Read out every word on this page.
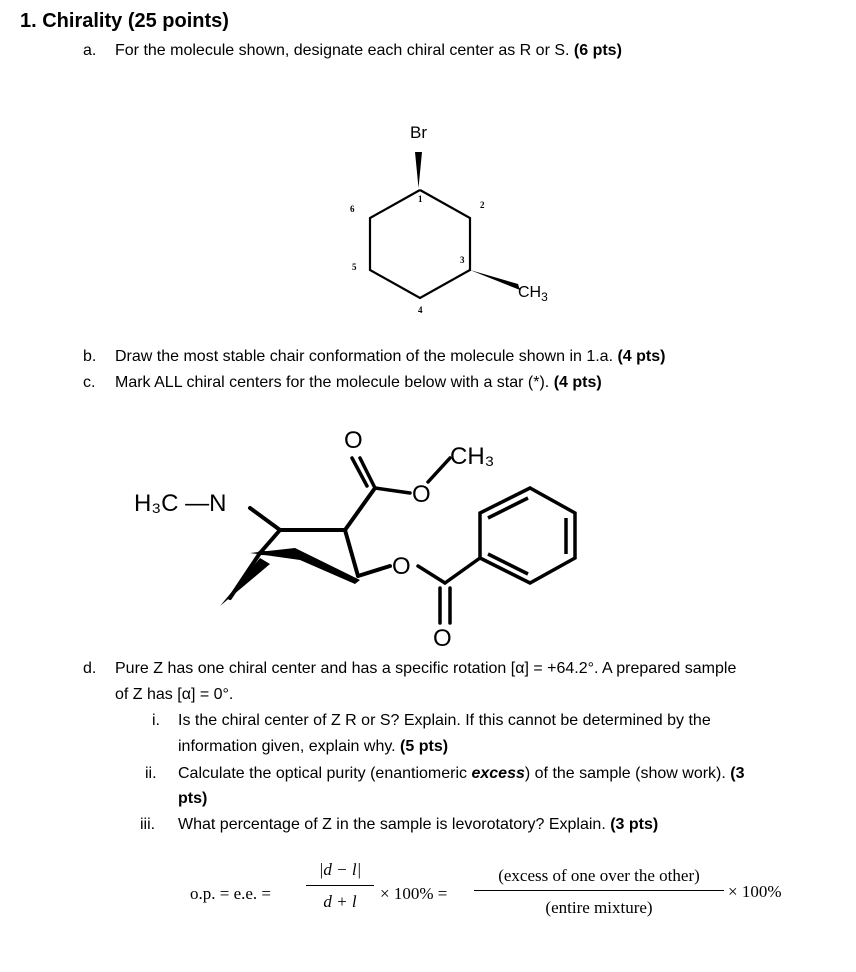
1. Chirality (25 points)
a. For the molecule shown, designate each chiral center as R or S. (6 pts)
Br
$CH_3$
1
2
3
4
5
6
b. Draw the most stable chair conformation of the molecule shown in 1.a. (4 pts)
c. Mark ALL chiral centers for the molecule below with a star (*). (4 pts)
H₃C —N
O
O
CH₃
O
O
d. Pure Z has one chiral center and has a specific rotation [α] = +64.2°. A prepared sample
of Z has [α] = 0°.
i. Is the chiral center of Z R or S? Explain. If this cannot be determined by the
information given, explain why. (5 pts)
ii. Calculate the optical purity (enantiomeric excess) of the sample (show work). (3
pts)
iii. What percentage of Z in the sample is levorotatory? Explain. (3 pts)
o.p. = e.e. =
|d − l|
d + l	× 100% =
(excess of one over the other)
(entire mixture)
× 100%
